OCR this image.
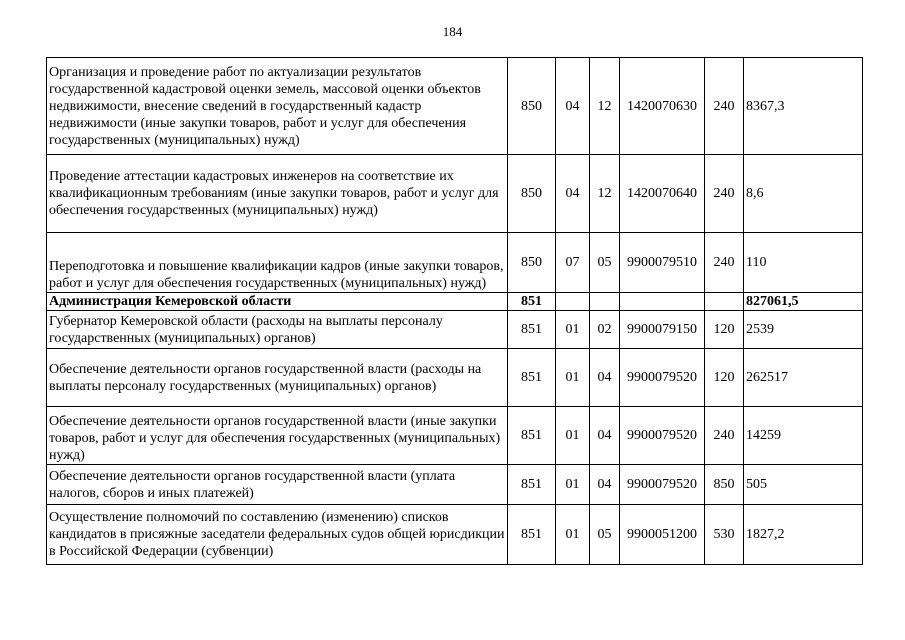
184
Организация и проведение работ по актуализации результатов государственной кадастровой оценки земель, массовой оценки объектов недвижимости, внесение сведений в государственный кадастр недвижимости (иные закупки товаров, работ и услуг для обеспечения государственных (муниципальных) нужд)	850	04	12	1420070630	240	8367,3
Проведение аттестации кадастровых инженеров на соответствие их квалификационным требованиям (иные закупки товаров, работ и услуг для обеспечения государственных (муниципальных) нужд)	850	04	12	1420070640	240	8,6
Переподготовка и повышение квалификации кадров (иные закупки товаров, работ и услуг для обеспечения государственных (муниципальных) нужд)	850	07	05	9900079510	240	110
Администрация Кемеровской области	851					827061,5
Губернатор Кемеровской области (расходы на выплаты персоналу государственных (муниципальных) органов)	851	01	02	9900079150	120	2539
Обеспечение деятельности органов государственной власти (расходы на выплаты персоналу государственных (муниципальных) органов)	851	01	04	9900079520	120	262517
Обеспечение деятельности органов государственной власти (иные закупки товаров, работ и услуг для обеспечения государственных (муниципальных) нужд)	851	01	04	9900079520	240	14259
Обеспечение деятельности органов государственной власти (уплата налогов, сборов и иных платежей)	851	01	04	9900079520	850	505
Осуществление полномочий по составлению (изменению) списков кандидатов в присяжные заседатели федеральных судов общей юрисдикции в Российской Федерации (субвенции)	851	01	05	9900051200	530	1827,2
